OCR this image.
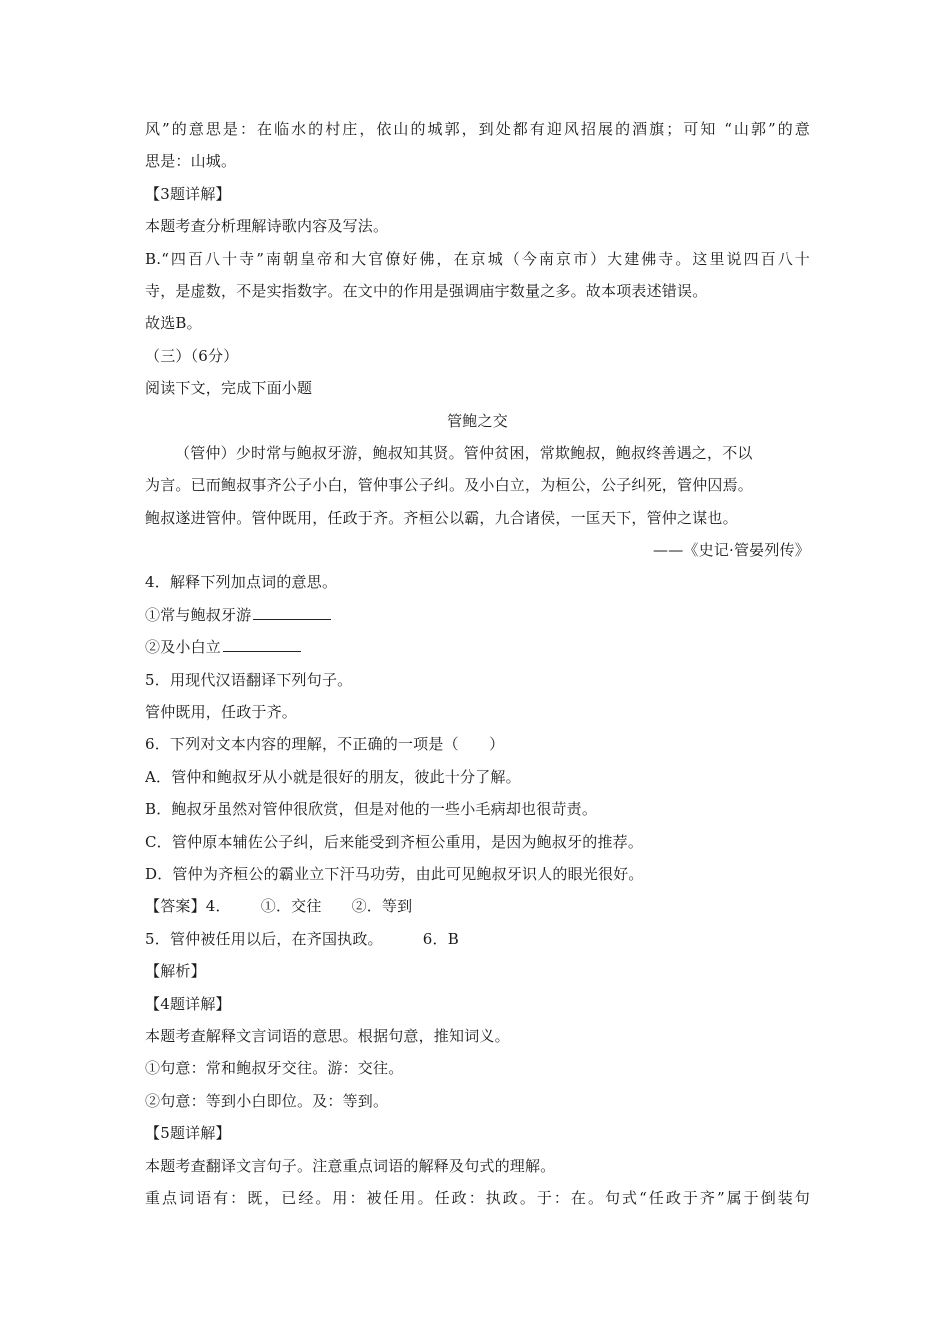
风”的意思是：在临水的村庄，依山的城郭，到处都有迎风招展的酒旗；可知 “山郭”的意
思是：山城。
【3题详解】
本题考查分析理解诗歌内容及写法。
B.“四百八十寺”南朝皇帝和大官僚好佛，在京城（今南京市）大建佛寺。这里说四百八十
寺，是虚数，不是实指数字。在文中的作用是强调庙宇数量之多。故本项表述错误。
故选B。
（三）（6分）
阅读下文，完成下面小题
管鲍之交
（管仲）少时常与鲍叔牙游，鲍叔知其贤。管仲贫困，常欺鲍叔，鲍叔终善遇之，不以
为言。已而鲍叔事齐公子小白，管仲事公子纠。及小白立，为桓公，公子纠死，管仲囚焉。
鲍叔遂进管仲。管仲既用，任政于齐。齐桓公以霸，九合诸侯，一匡天下，管仲之谋也。
——《史记·管晏列传》
4．解释下列加点词的意思。
①常与鲍叔牙游
②及小白立
5．用现代汉语翻译下列句子。
管仲既用，任政于齐。
6．下列对文本内容的理解，不正确的一项是（　　）
A．管仲和鲍叔牙从小就是很好的朋友，彼此十分了解。
B．鲍叔牙虽然对管仲很欣赏，但是对他的一些小毛病却也很苛责。
C．管仲原本辅佐公子纠，后来能受到齐桓公重用，是因为鲍叔牙的推荐。
D．管仲为齐桓公的霸业立下汗马功劳，由此可见鲍叔牙识人的眼光很好。
【答案】4． ①．交往 ②．等到
5．管仲被任用以后，在齐国执政。	6．B
【解析】
【4题详解】
本题考查解释文言词语的意思。根据句意，推知词义。
①句意：常和鲍叔牙交往。游：交往。
②句意：等到小白即位。及：等到。
【5题详解】
本题考查翻译文言句子。注意重点词语的解释及句式的理解。
重点词语有：既，已经。用：被任用。任政：执政。于：在。句式“任政于齐”属于倒装句
